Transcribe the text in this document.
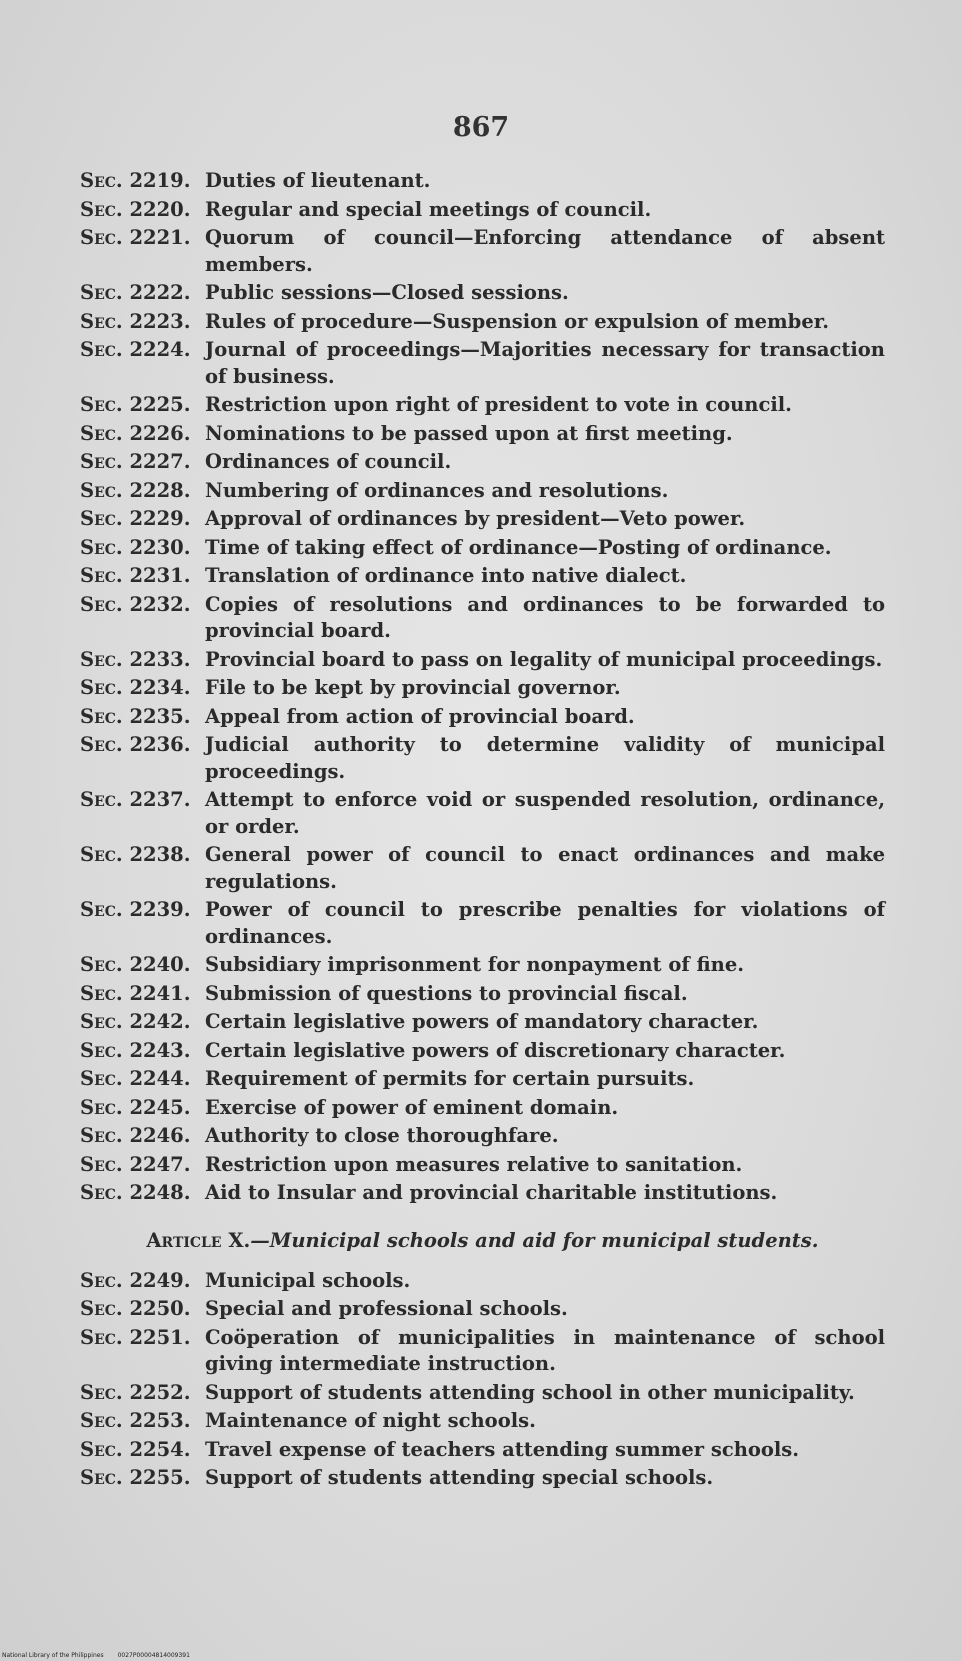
867
Sec. 2219. Duties of lieutenant.
Sec. 2220. Regular and special meetings of council.
Sec. 2221. Quorum of council—Enforcing attendance of absent members.
Sec. 2222. Public sessions—Closed sessions.
Sec. 2223. Rules of procedure—Suspension or expulsion of member.
Sec. 2224. Journal of proceedings—Majorities necessary for transaction of business.
Sec. 2225. Restriction upon right of president to vote in council.
Sec. 2226. Nominations to be passed upon at first meeting.
Sec. 2227. Ordinances of council.
Sec. 2228. Numbering of ordinances and resolutions.
Sec. 2229. Approval of ordinances by president—Veto power.
Sec. 2230. Time of taking effect of ordinance—Posting of ordinance.
Sec. 2231. Translation of ordinance into native dialect.
Sec. 2232. Copies of resolutions and ordinances to be forwarded to provincial board.
Sec. 2233. Provincial board to pass on legality of municipal proceedings.
Sec. 2234. File to be kept by provincial governor.
Sec. 2235. Appeal from action of provincial board.
Sec. 2236. Judicial authority to determine validity of municipal proceedings.
Sec. 2237. Attempt to enforce void or suspended resolution, ordinance, or order.
Sec. 2238. General power of council to enact ordinances and make regulations.
Sec. 2239. Power of council to prescribe penalties for violations of ordinances.
Sec. 2240. Subsidiary imprisonment for nonpayment of fine.
Sec. 2241. Submission of questions to provincial fiscal.
Sec. 2242. Certain legislative powers of mandatory character.
Sec. 2243. Certain legislative powers of discretionary character.
Sec. 2244. Requirement of permits for certain pursuits.
Sec. 2245. Exercise of power of eminent domain.
Sec. 2246. Authority to close thoroughfare.
Sec. 2247. Restriction upon measures relative to sanitation.
Sec. 2248. Aid to Insular and provincial charitable institutions.
Article X.—Municipal schools and aid for municipal students.
Sec. 2249. Municipal schools.
Sec. 2250. Special and professional schools.
Sec. 2251. Coöperation of municipalities in maintenance of school giving intermediate instruction.
Sec. 2252. Support of students attending school in other municipality.
Sec. 2253. Maintenance of night schools.
Sec. 2254. Travel expense of teachers attending summer schools.
Sec. 2255. Support of students attending special schools.
National Library of the Philippines 0027P00004814009391
